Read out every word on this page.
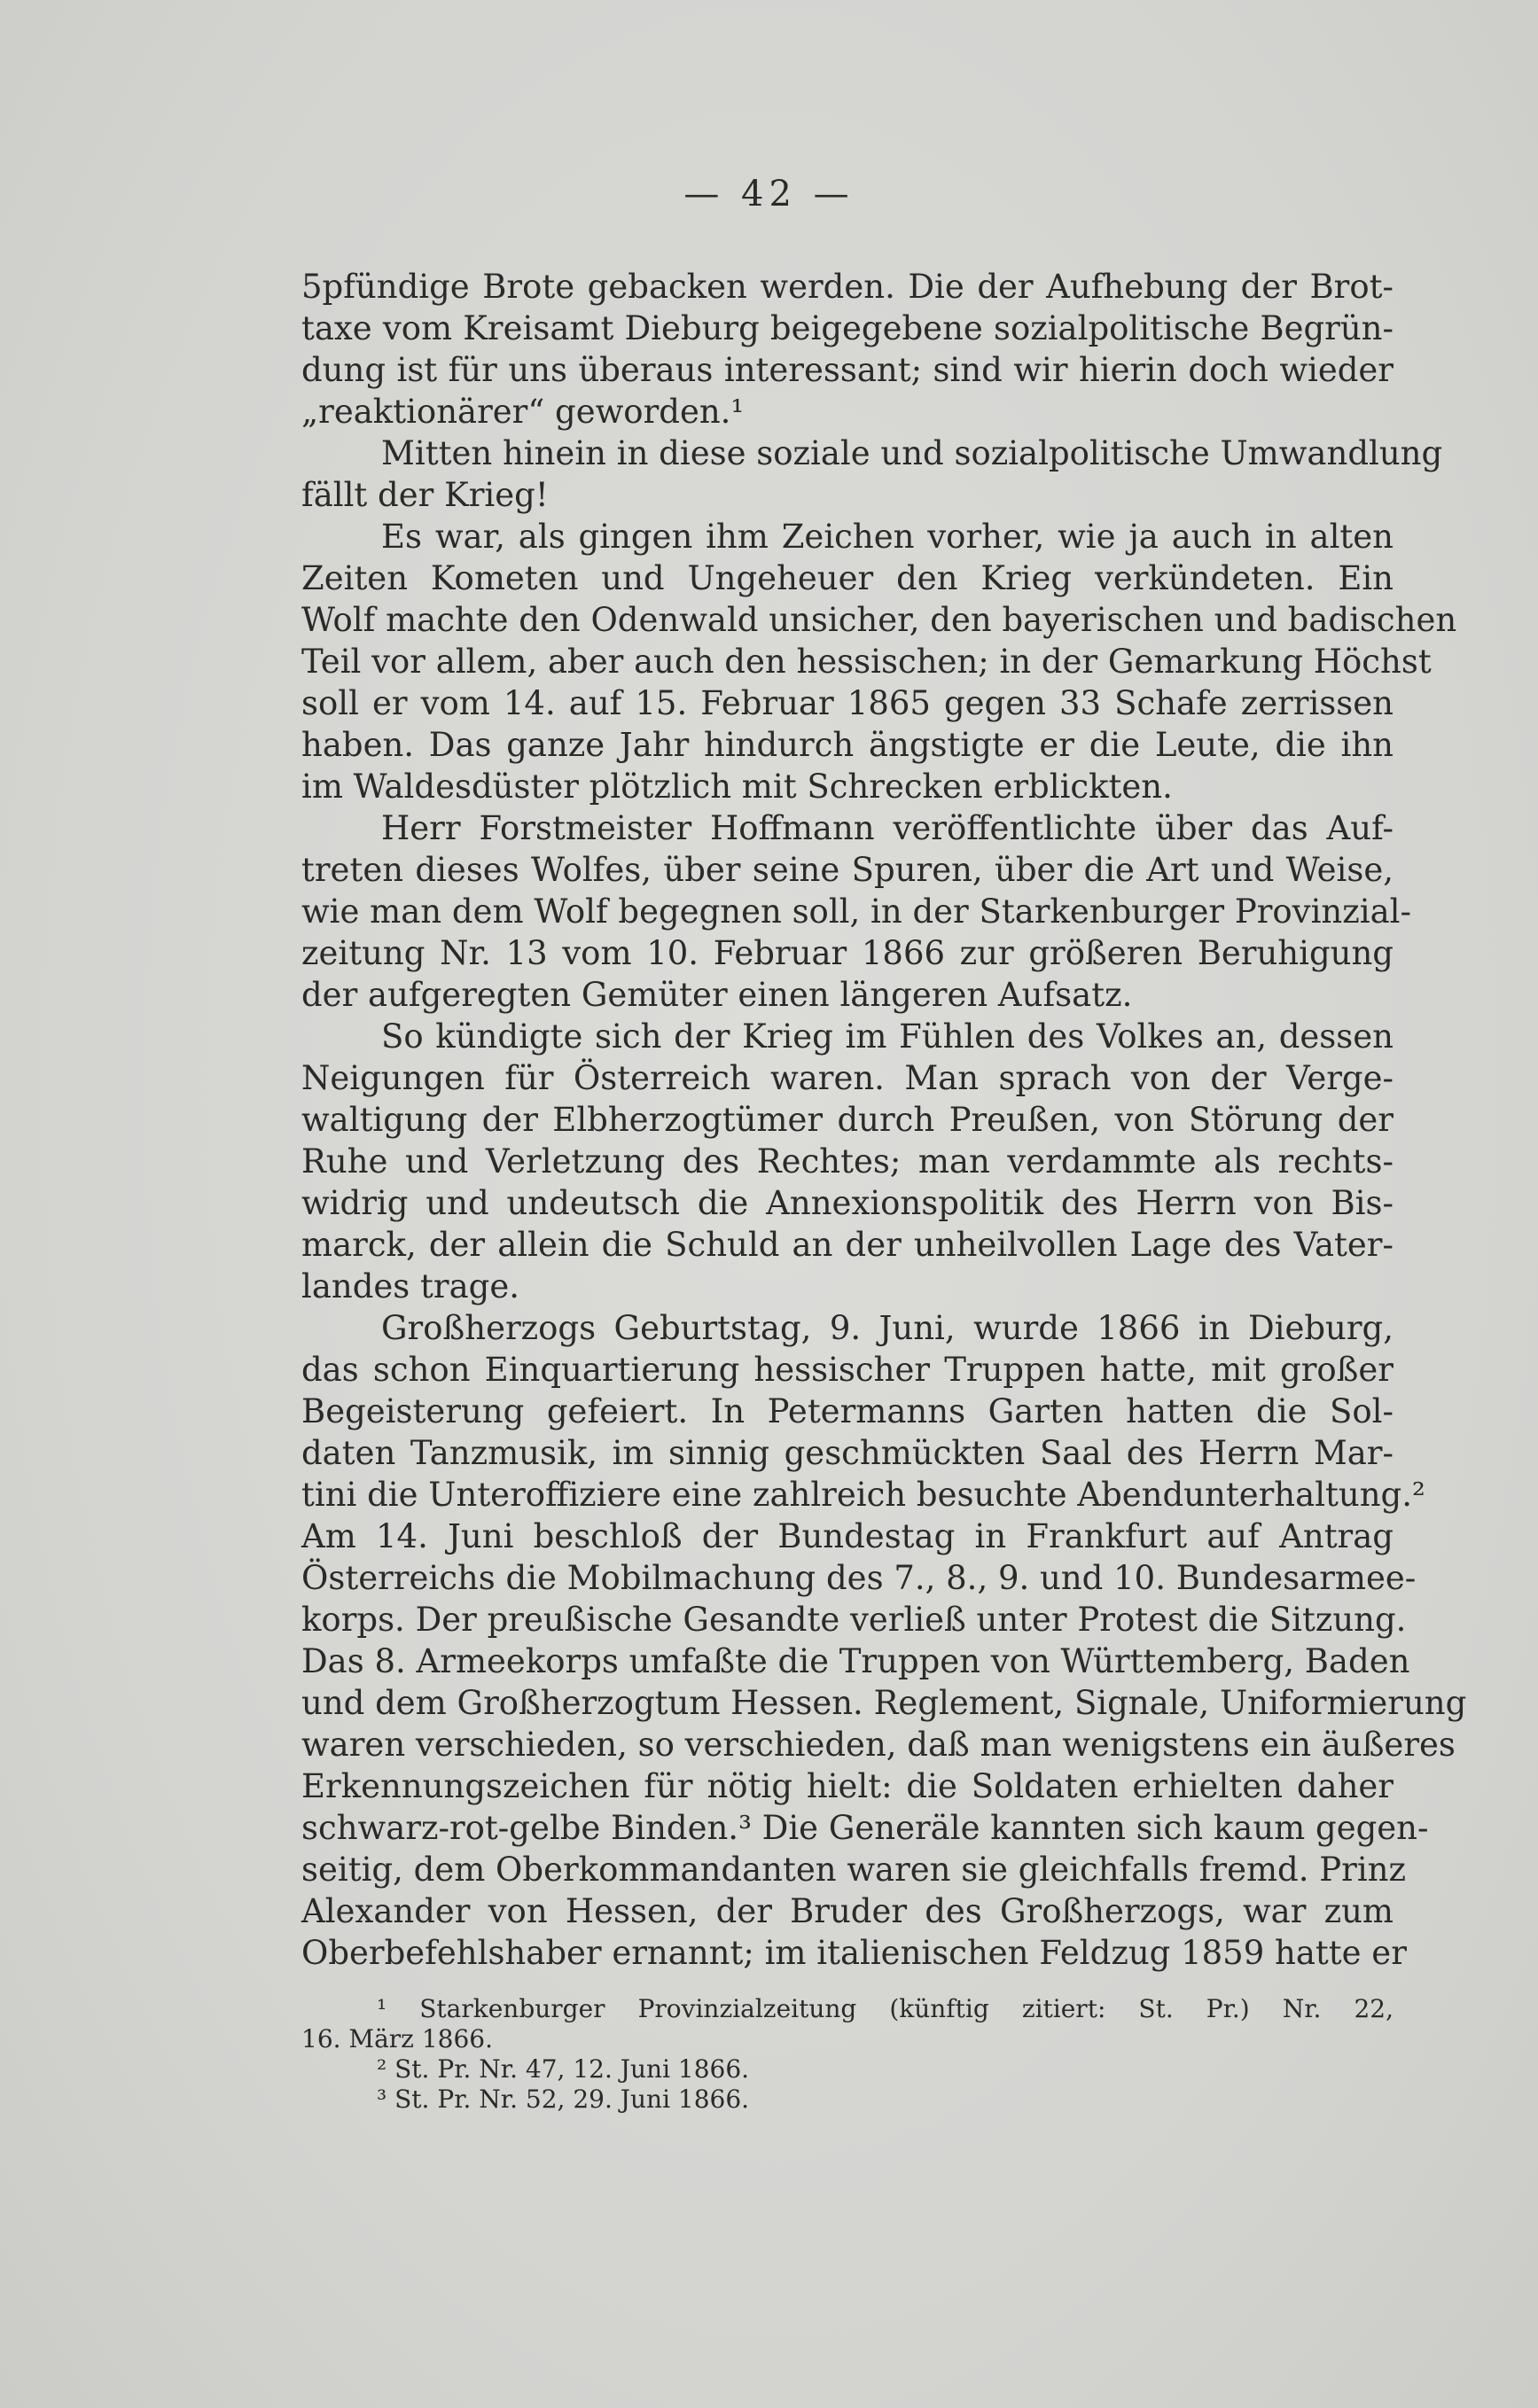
— 42 —
5pfündige Brote gebacken werden. Die der Aufhebung der Brot-
taxe vom Kreisamt Dieburg beigegebene sozialpolitische Begrün-
dung ist für uns überaus interessant; sind wir hierin doch wieder
„reaktionärer“ geworden.¹
Mitten hinein in diese soziale und sozialpolitische Umwandlung
fällt der Krieg!
Es war, als gingen ihm Zeichen vorher, wie ja auch in alten
Zeiten Kometen und Ungeheuer den Krieg verkündeten. Ein
Wolf machte den Odenwald unsicher, den bayerischen und badischen
Teil vor allem, aber auch den hessischen; in der Gemarkung Höchst
soll er vom 14. auf 15. Februar 1865 gegen 33 Schafe zerrissen
haben. Das ganze Jahr hindurch ängstigte er die Leute, die ihn
im Waldesdüster plötzlich mit Schrecken erblickten.
Herr Forstmeister Hoffmann veröffentlichte über das Auf-
treten dieses Wolfes, über seine Spuren, über die Art und Weise,
wie man dem Wolf begegnen soll, in der Starkenburger Provinzial-
zeitung Nr. 13 vom 10. Februar 1866 zur größeren Beruhigung
der aufgeregten Gemüter einen längeren Aufsatz.
So kündigte sich der Krieg im Fühlen des Volkes an, dessen
Neigungen für Österreich waren. Man sprach von der Verge-
waltigung der Elbherzogtümer durch Preußen, von Störung der
Ruhe und Verletzung des Rechtes; man verdammte als rechts-
widrig und undeutsch die Annexionspolitik des Herrn von Bis-
marck, der allein die Schuld an der unheilvollen Lage des Vater-
landes trage.
Großherzogs Geburtstag, 9. Juni, wurde 1866 in Dieburg,
das schon Einquartierung hessischer Truppen hatte, mit großer
Begeisterung gefeiert. In Petermanns Garten hatten die Sol-
daten Tanzmusik, im sinnig geschmückten Saal des Herrn Mar-
tini die Unteroffiziere eine zahlreich besuchte Abendunterhaltung.²
Am 14. Juni beschloß der Bundestag in Frankfurt auf Antrag
Österreichs die Mobilmachung des 7., 8., 9. und 10. Bundesarmee-
korps. Der preußische Gesandte verließ unter Protest die Sitzung.
Das 8. Armeekorps umfaßte die Truppen von Württemberg, Baden
und dem Großherzogtum Hessen. Reglement, Signale, Uniformierung
waren verschieden, so verschieden, daß man wenigstens ein äußeres
Erkennungszeichen für nötig hielt: die Soldaten erhielten daher
schwarz-rot-gelbe Binden.³ Die Generäle kannten sich kaum gegen-
seitig, dem Oberkommandanten waren sie gleichfalls fremd. Prinz
Alexander von Hessen, der Bruder des Großherzogs, war zum
Oberbefehlshaber ernannt; im italienischen Feldzug 1859 hatte er
¹ Starkenburger Provinzialzeitung (künftig zitiert: St. Pr.) Nr. 22,
16. März 1866.
² St. Pr. Nr. 47, 12. Juni 1866.
³ St. Pr. Nr. 52, 29. Juni 1866.
